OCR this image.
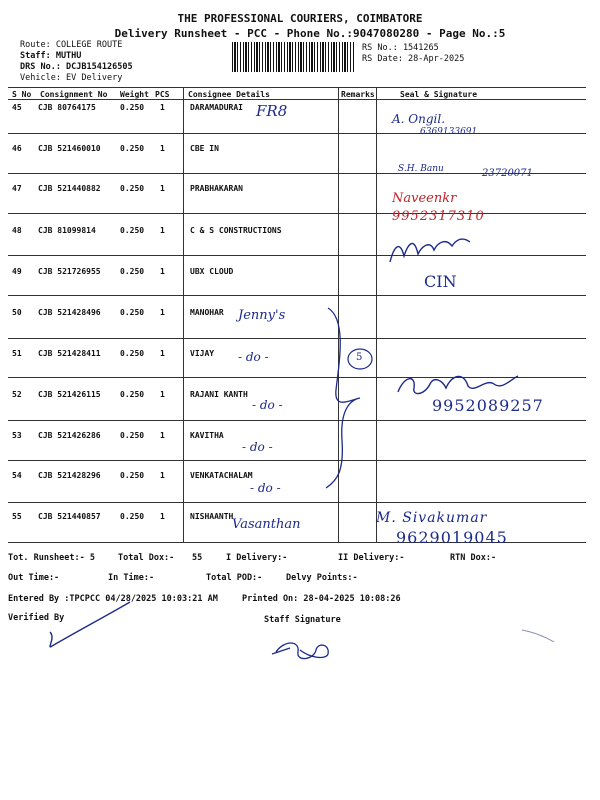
THE PROFESSIONAL COURIERS, COIMBATORE
Delivery Runsheet - PCC - Phone No.:9047080280 - Page No.:5
Route: COLLEGE ROUTE
Staff: MUTHU
DRS No.: DCJB154126505
Vehicle: EV Delivery
RS No.: 1541265
RS Date: 28-Apr-2025
S No Consignment No Weight PCS Consignee Details	Remarks	Seal & Signature
45 CJB 80764175	0.250 1	DARAMADURAI
46 CJB 521460010 0.250 1	CBE IN
47 CJB 521440882 0.250 1	PRABHAKARAN
48 CJB 81099814	0.250 1	C & S CONSTRUCTIONS
49 CJB 521726955 0.250 1	UBX CLOUD
50 CJB 521428496 0.250 1	MANOHAR
51 CJB 521428411 0.250 1	VIJAY
52 CJB 521426115 0.250 1	RAJANI KANTH
53 CJB 521426286 0.250 1	KAVITHA
54 CJB 521428296 0.250 1	VENKATACHALAM
55 CJB 521440857 0.250 1	NISHAANTH
FR8	A. Ongil.
6369133691.
S.H. Banu	23720071
Naveenkr
9952317310
CIN
Jenny's
- do -
- do -
- do -
- do -
5
9952089257
Vasanthan	M. Sivakumar
9629019045
Tot. Runsheet:- 5	Total Dox:- 55	I Delivery:-	II Delivery:-	RTN Dox:-
Out Time:-	In Time:-	Total POD:-	Delvy Points:-
Entered By :TPCPCC 04/28/2025 10:03:21 AM	Printed On: 28-04-2025 10:08:26
Verified By	Staff Signature
